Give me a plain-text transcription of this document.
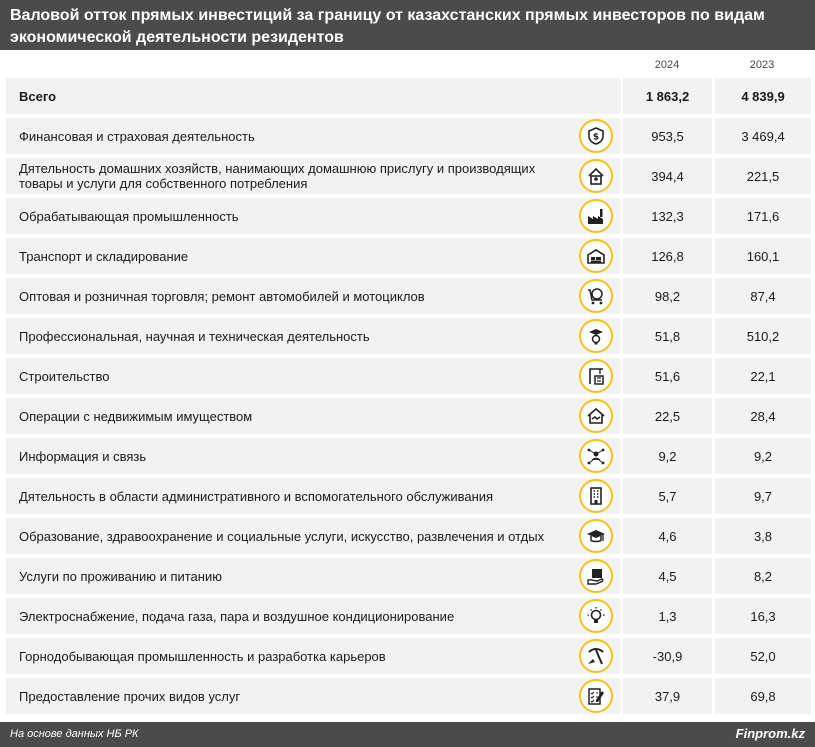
Валовой отток прямых инвестиций за границу от казахстанских прямых инвесторов по видам экономической деятельности резидентов
2024	2023
Всего	1 863,2	4 839,9
Финансовая и страховая деятельность	$	953,5	3 469,4
Дятельность домашних хозяйств, нанимающих домашнюю прислугу и производящих товары и услуги для собственного потребления	394,4	221,5
Обрабатывающая промышленность	132,3	171,6
Транспорт и складирование	126,8	160,1
Оптовая и розничная торговля; ремонт автомобилей и мотоциклов	98,2	87,4
Профессиональная, научная и техническая деятельность	51,8	510,2
Строительство	51,6	22,1
Операции с недвижимым имуществом	22,5	28,4
Информация и связь	9,2	9,2
Дятельность в области административного и вспомогательного обслуживания	5,7	9,7
Образование, здравоохранение и социальные услуги, искусство, развлечения и отдых	4,6	3,8
Услуги по проживанию и питанию	4,5	8,2
Электроснабжение, подача газа, пара и воздушное кондиционирование	1,3	16,3
Горнодобывающая промышленность и разработка карьеров	-30,9	52,0
Предоставление прочих видов услуг	37,9	69,8
На основе данных НБ РК	Finprom.kz
